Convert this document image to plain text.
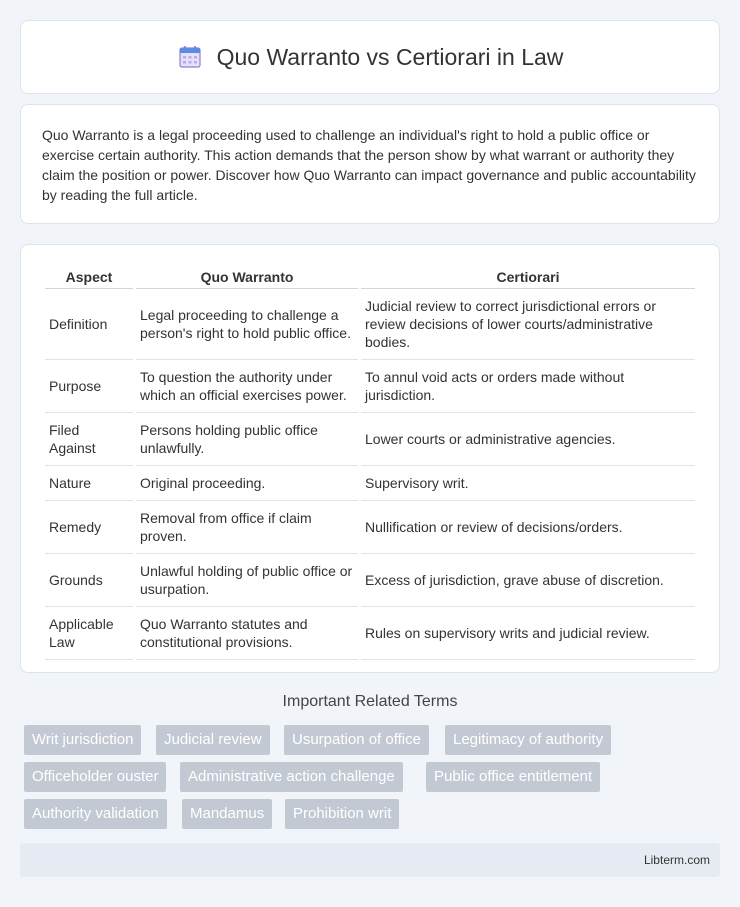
Quo Warranto vs Certiorari in Law

Quo Warranto is a legal proceeding used to challenge an individual's right to hold a public office or exercise certain authority. This action demands that the person show by what warrant or authority they claim the position or power. Discover how Quo Warranto can impact governance and public accountability by reading the full article.

Aspect	Quo Warranto	Certiorari
Definition	Legal proceeding to challenge a person's right to hold public office.	Judicial review to correct jurisdictional errors or review decisions of lower courts/administrative bodies.
Purpose	To question the authority under which an official exercises power.	To annul void acts or orders made without jurisdiction.
Filed Against	Persons holding public office unlawfully.	Lower courts or administrative agencies.
Nature	Original proceeding.	Supervisory writ.
Remedy	Removal from office if claim proven.	Nullification or review of decisions/orders.
Grounds	Unlawful holding of public office or usurpation.	Excess of jurisdiction, grave abuse of discretion.
Applicable Law	Quo Warranto statutes and constitutional provisions.	Rules on supervisory writs and judicial review.
Important Related Terms
Writ jurisdiction	Judicial review	Usurpation of office	Legitimacy of authority
Officeholder ouster	Administrative action challenge	Public office entitlement
Authority validation	Mandamus	Prohibition writ
Libterm.com
